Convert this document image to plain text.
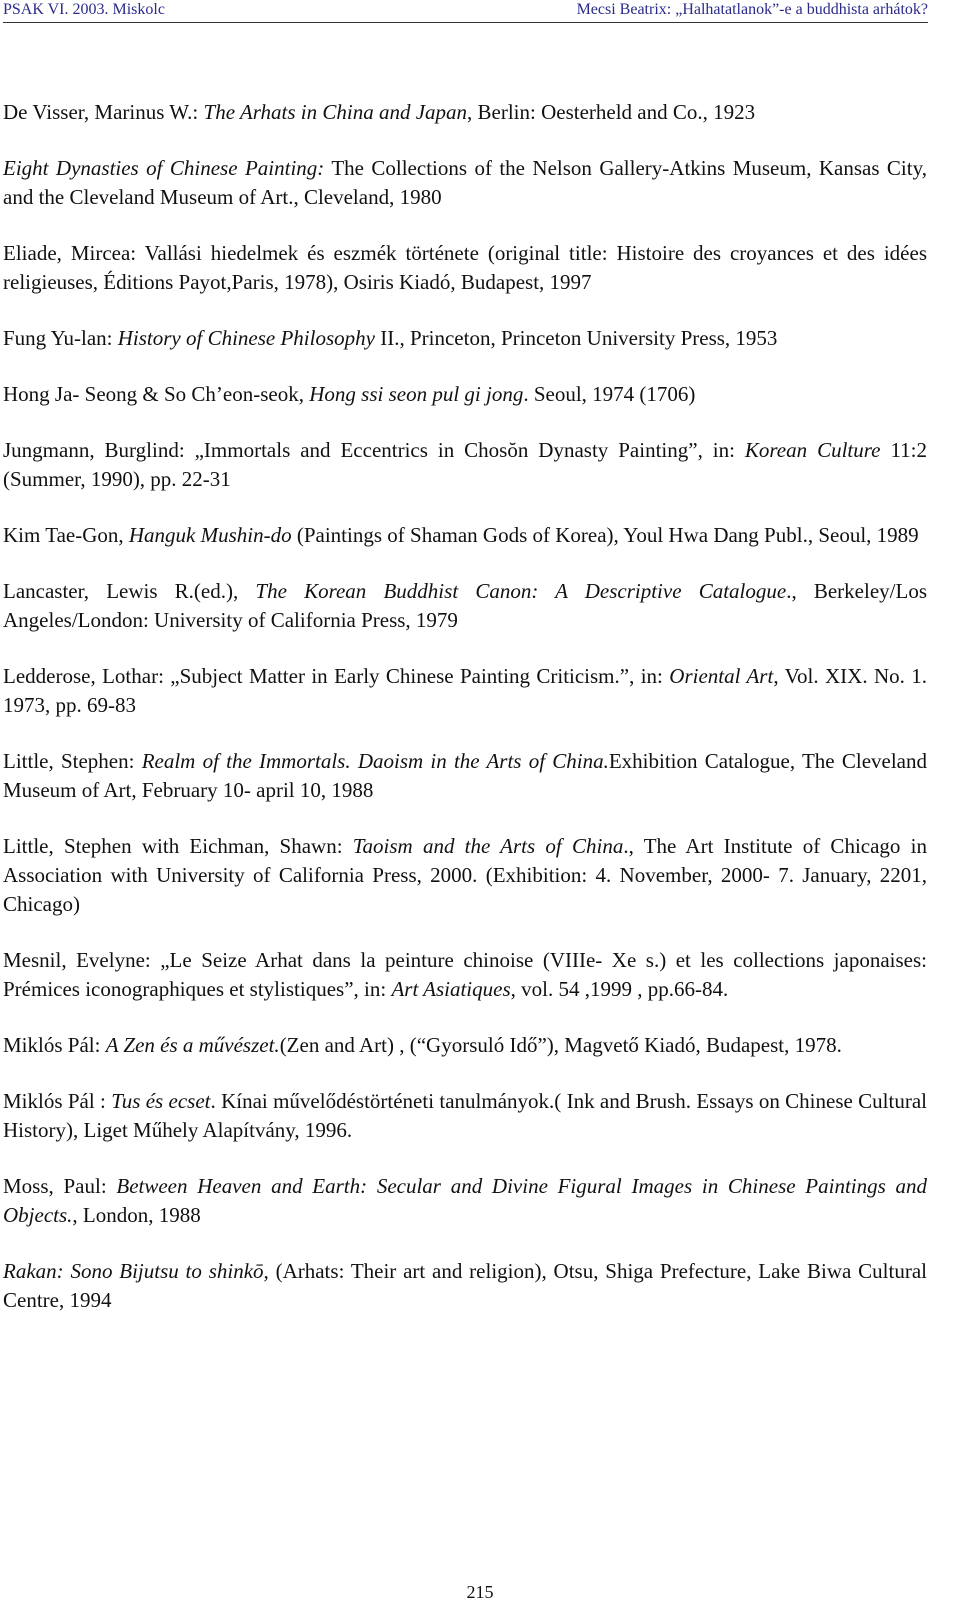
PSAK VI. 2003. Miskolc	Mecsi Beatrix: „Halhatatlanok”-e a buddhista arhátok?

De Visser, Marinus W.: The Arhats in China and Japan, Berlin: Oesterheld and Co., 1923

Eight Dynasties of Chinese Painting: The Collections of the Nelson Gallery-Atkins Museum, Kansas City, and the Cleveland Museum of Art., Cleveland, 1980

Eliade, Mircea: Vallási hiedelmek és eszmék története (original title: Histoire des croyances et des idées religieuses, Éditions Payot,Paris, 1978), Osiris Kiadó, Budapest, 1997

Fung Yu-lan: History of Chinese Philosophy II., Princeton, Princeton University Press, 1953

Hong Ja- Seong & So Ch’eon-seok, Hong ssi seon pul gi jong. Seoul, 1974 (1706)

Jungmann, Burglind: „Immortals and Eccentrics in Chosŏn Dynasty Painting”, in: Korean Culture 11:2 (Summer, 1990), pp. 22-31

Kim Tae-Gon, Hanguk Mushin-do (Paintings of Shaman Gods of Korea), Youl Hwa Dang Publ., Seoul, 1989

Lancaster, Lewis R.(ed.), The Korean Buddhist Canon: A Descriptive Catalogue., Berkeley/Los Angeles/London: University of California Press, 1979

Ledderose, Lothar: „Subject Matter in Early Chinese Painting Criticism.”, in: Oriental Art, Vol. XIX. No. 1. 1973, pp. 69-83

Little, Stephen: Realm of the Immortals. Daoism in the Arts of China.Exhibition Catalogue, The Cleveland Museum of Art, February 10- april 10, 1988

Little, Stephen with Eichman, Shawn: Taoism and the Arts of China., The Art Institute of Chicago in Association with University of California Press, 2000. (Exhibition: 4. November, 2000- 7. January, 2201, Chicago)

Mesnil, Evelyne: „Le Seize Arhat dans la peinture chinoise (VIIIe- Xe s.) et les collections japonaises: Prémices iconographiques et stylistiques”, in: Art Asiatiques, vol. 54 ,1999 , pp.66-84.

Miklós Pál: A Zen és a művészet.(Zen and Art) , (“Gyorsuló Idő”), Magvető Kiadó, Budapest, 1978.

Miklós Pál : Tus és ecset. Kínai művelődéstörténeti tanulmányok.( Ink and Brush. Essays on Chinese Cultural History), Liget Műhely Alapítvány, 1996.

Moss, Paul: Between Heaven and Earth: Secular and Divine Figural Images in Chinese Paintings and Objects., London, 1988

Rakan: Sono Bijutsu to shinkō, (Arhats: Their art and religion), Otsu, Shiga Prefecture, Lake Biwa Cultural Centre, 1994

215
